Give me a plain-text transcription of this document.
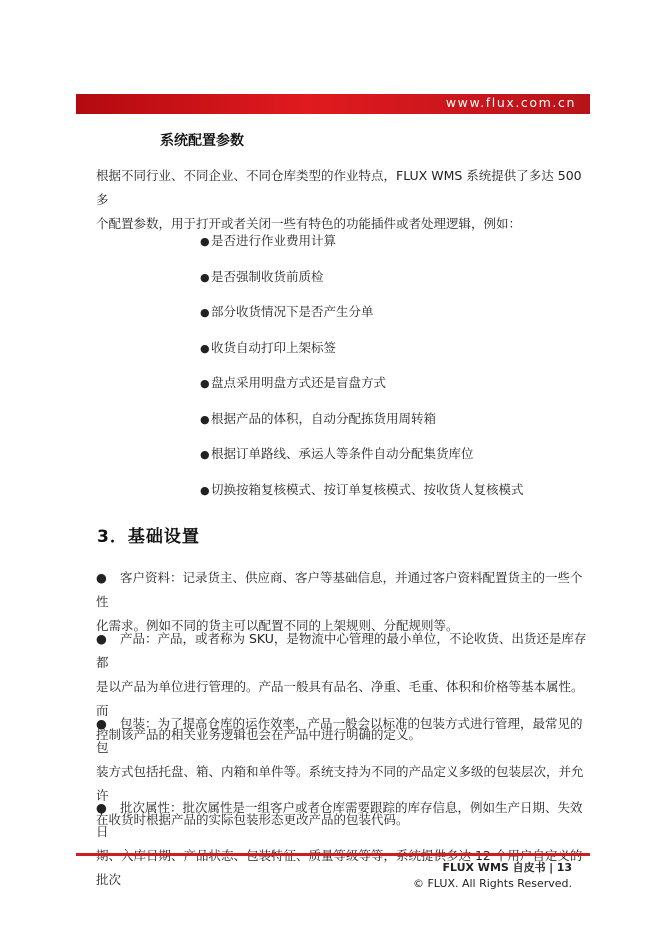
www.flux.com.cn
系统配置参数
根据不同行业、不同企业、不同仓库类型的作业特点，FLUX WMS 系统提供了多达 500 多
个配置参数，用于打开或者关闭一些有特色的功能插件或者处理逻辑，例如：
●是否进行作业费用计算
●是否强制收货前质检
●部分收货情况下是否产生分单
●收货自动打印上架标签
●盘点采用明盘方式还是盲盘方式
●根据产品的体积，自动分配拣货用周转箱
●根据订单路线、承运人等条件自动分配集货库位
●切换按箱复核模式、按订单复核模式、按收货人复核模式
3．基础设置
● 客户资料：记录货主、供应商、客户等基础信息，并通过客户资料配置货主的一些个性
化需求。例如不同的货主可以配置不同的上架规则、分配规则等。
● 产品：产品，或者称为 SKU，是物流中心管理的最小单位，不论收货、出货还是库存都
是以产品为单位进行管理的。产品一般具有品名、净重、毛重、体积和价格等基本属性。而
控制该产品的相关业务逻辑也会在产品中进行明确的定义。
● 包装：为了提高仓库的运作效率，产品一般会以标准的包装方式进行管理，最常见的包
装方式包括托盘、箱、内箱和单件等。系统支持为不同的产品定义多级的包装层次，并允许
在收货时根据产品的实际包装形态更改产品的包装代码。
● 批次属性：批次属性是一组客户或者仓库需要跟踪的库存信息，例如生产日期、失效日
批次
FLUX WMS 自皮书 | 13
© FLUX. All Rights Reserved.
